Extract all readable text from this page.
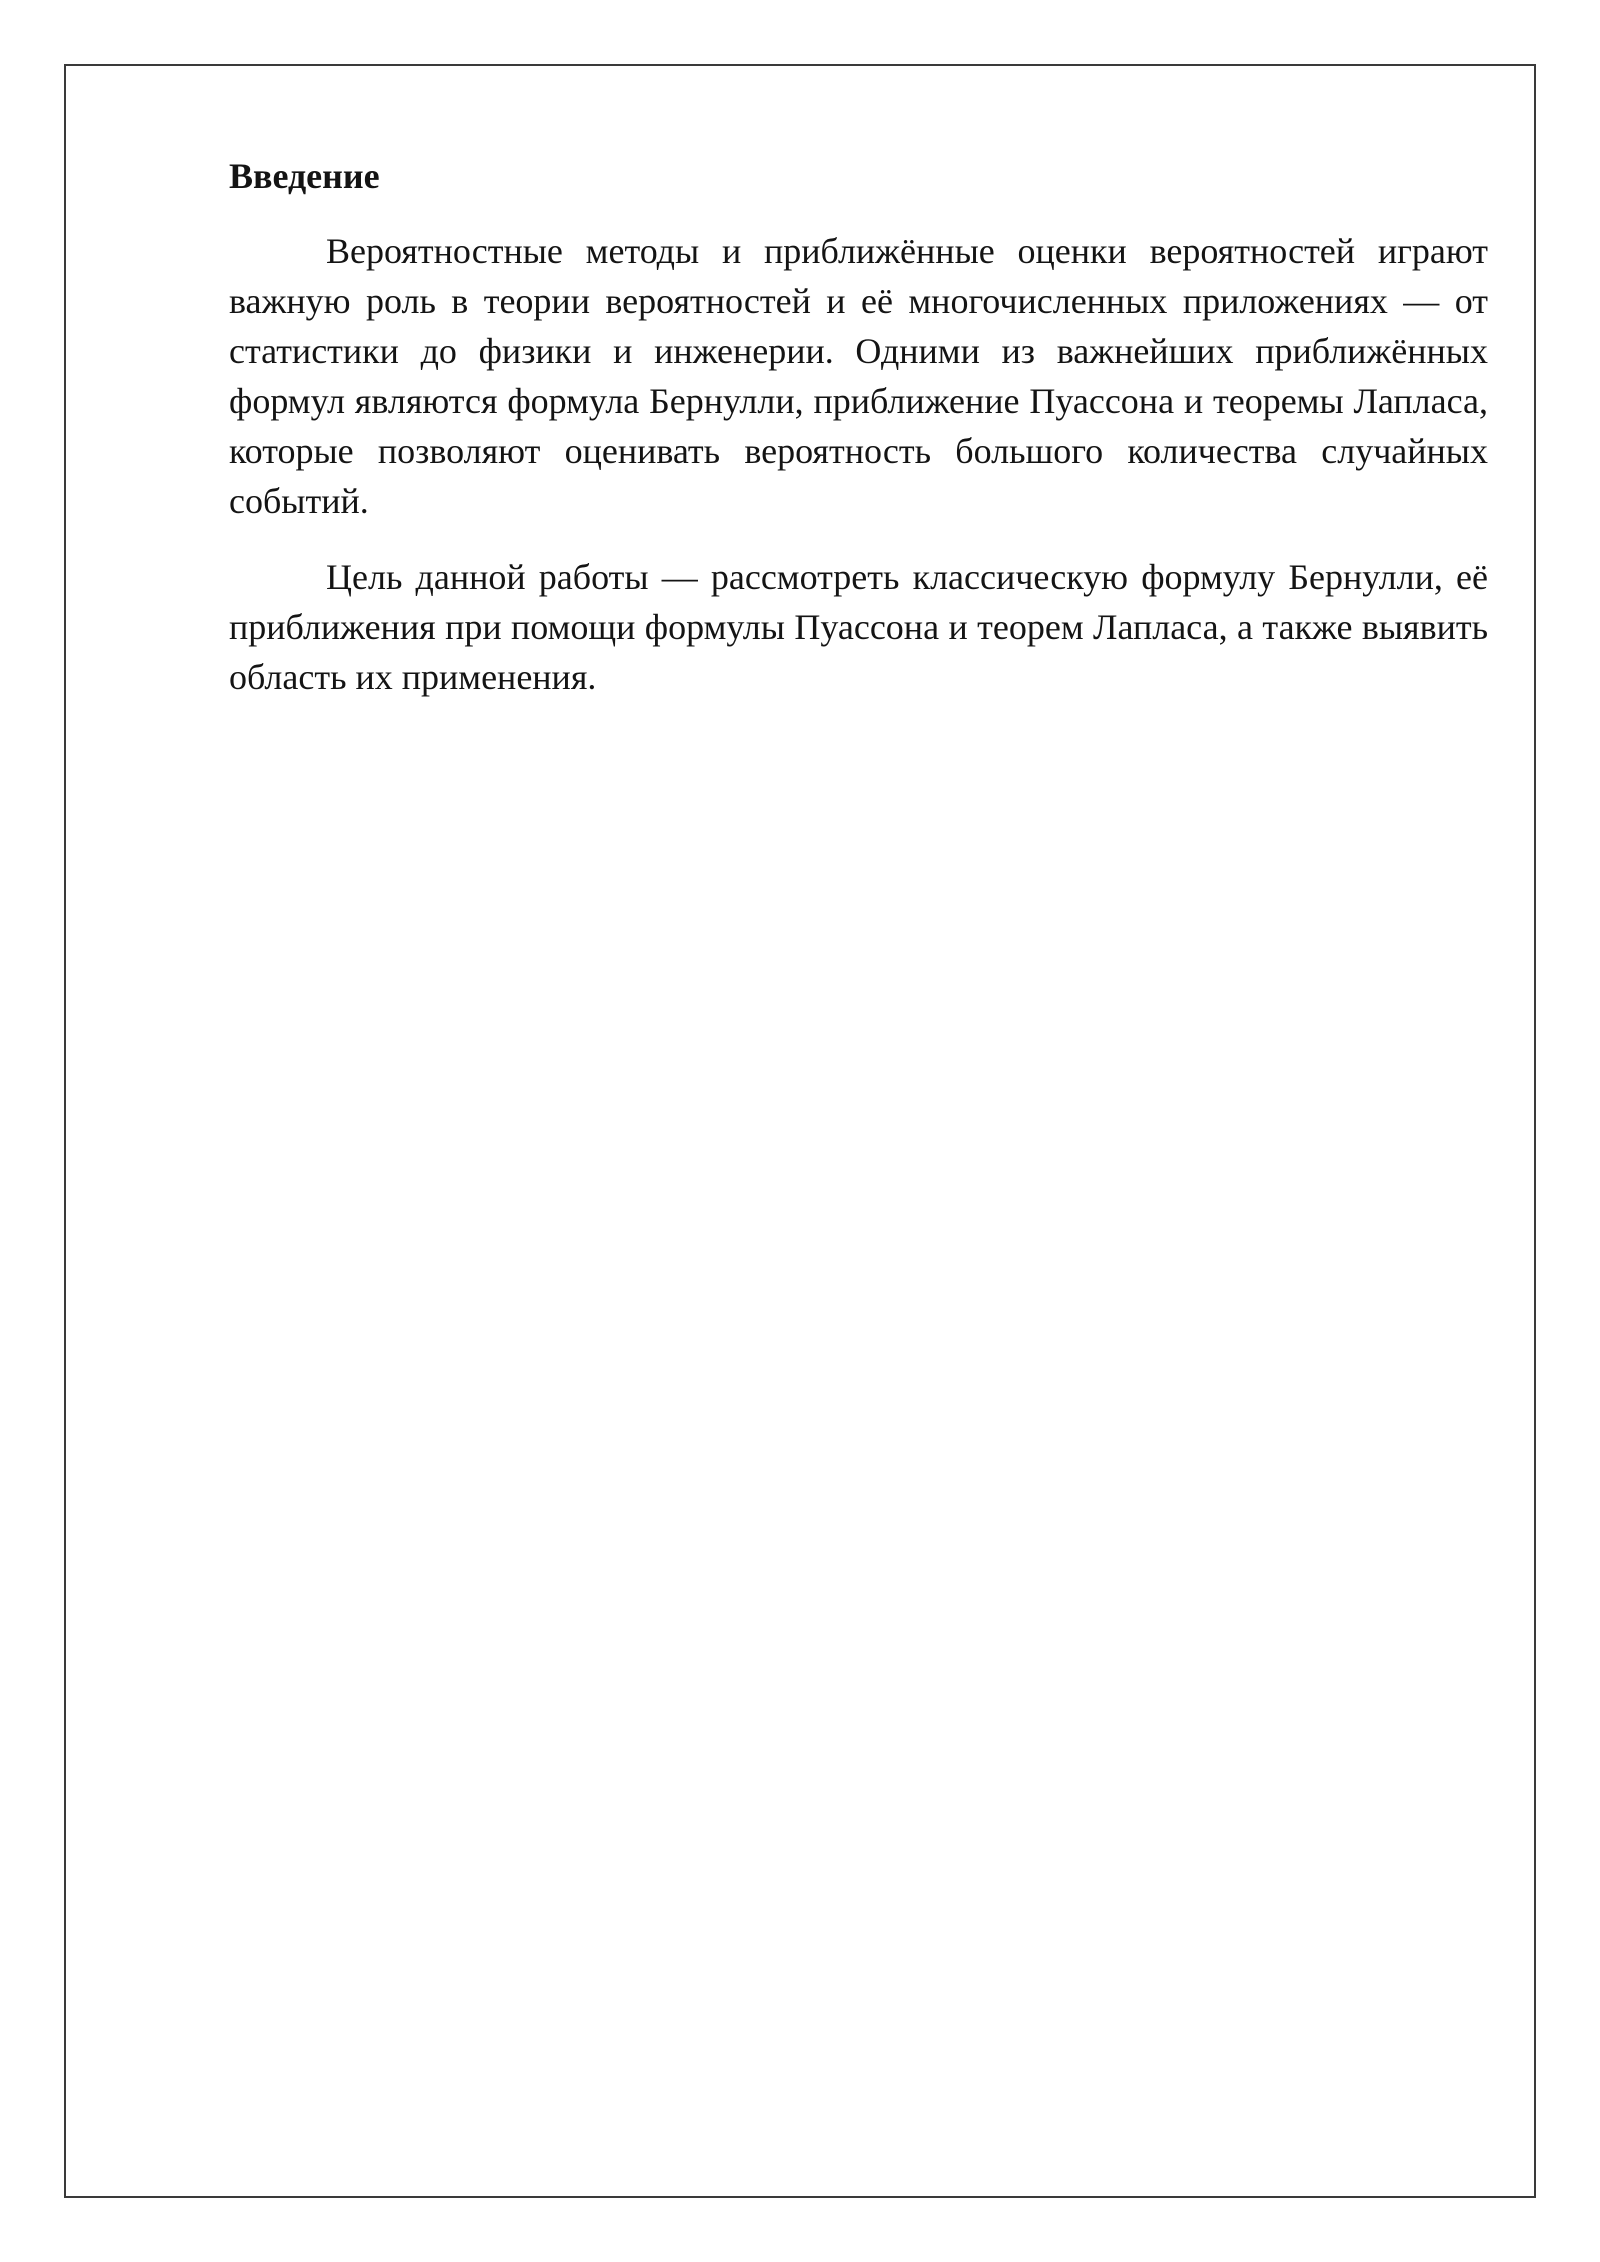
Введение

Вероятностные методы и приближённые оценки вероятностей играют важную роль в теории вероятностей и её многочисленных приложениях — от статистики до физики и инженерии. Одними из важнейших приближённых формул являются формула Бернулли, приближение Пуассона и теоремы Лапласа, которые позволяют оценивать вероятность большого количества случайных событий.

Цель данной работы — рассмотреть классическую формулу Бернулли, её приближения при помощи формулы Пуассона и теорем Лапласа, а также выявить область их применения.
